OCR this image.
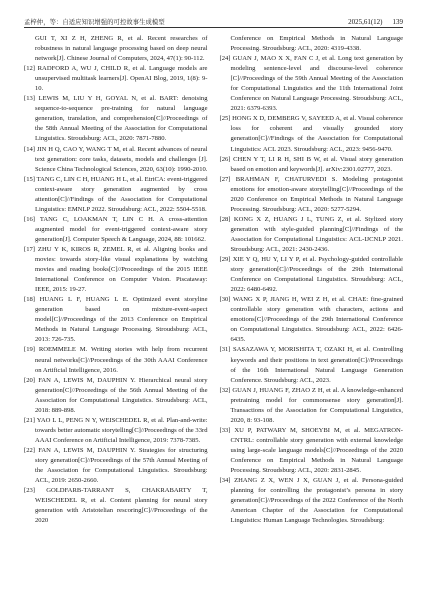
孟梓仲，等：自适应知识增强的可控故事生成模型	2025,61(12) 139

GUI T, XI Z H, ZHENG R, et al. Recent researches of robustness in natural language processing based on deep neural network[J]. Chinese Journal of Computers, 2024, 47(1): 90-112.

[12] RADFORD A, WU J, CHILD R, et al. Language models are unsupervised multitask learners[J]. OpenAI Blog, 2019, 1(8): 9-10.

[13] LEWIS M, LIU Y H, GOYAL N, et al. BART: denoising sequence-to-sequence pre-training for natural language generation, translation, and comprehension[C]//Proceedings of the 58th Annual Meeting of the Association for Computational Linguistics. Stroudsburg: ACL, 2020: 7871-7880.

[14] JIN H Q, CAO Y, WANG T M, et al. Recent advances of neural text generation: core tasks, datasets, models and challenges [J]. Science China Technological Sciences, 2020, 63(10): 1990-2010.

[15] TANG C, LIN C H, HUANG H L, et al. EtriCA: event-triggered context-aware story generation augmented by cross attention[C]//Findings of the Association for Computational Linguistics: EMNLP 2022. Stroudsburg: ACL, 2022: 5504-5518.

[16] TANG C, LOAKMAN T, LIN C H. A cross-attention augmented model for event-triggered context-aware story generation[J]. Computer Speech & Language, 2024, 88: 101662.

[17] ZHU Y K, KIROS R, ZEMEL R, et al. Aligning books and movies: towards story-like visual explanations by watching movies and reading books[C]//Proceedings of the 2015 IEEE International Conference on Computer Vision. Piscataway: IEEE, 2015: 19-27.

[18] HUANG L F, HUANG L E. Optimized event storyline generation based on mixture-event-aspect model[C]//Proceedings of the 2013 Conference on Empirical Methods in Natural Language Processing. Stroudsburg: ACL, 2013: 726-735.

[19] ROEMMELE M. Writing stories with help from recurrent neural networks[C]//Proceedings of the 30th AAAI Conference on Artificial Intelligence, 2016.

[20] FAN A, LEWIS M, DAUPHIN Y. Hierarchical neural story generation[C]//Proceedings of the 56th Annual Meeting of the Association for Computational Linguistics. Stroudsburg: ACL, 2018: 889-898.

[21] YAO L L, PENG N Y, WEISCHEDEL R, et al. Plan-and-write: towards better automatic storytelling[C]//Proceedings of the 33rd AAAI Conference on Artificial Intelligence, 2019: 7378-7385.

[22] FAN A, LEWIS M, DAUPHIN Y. Strategies for structuring story generation[C]//Proceedings of the 57th Annual Meeting of the Association for Computational Linguistics. Stroudsburg: ACL, 2019: 2650-2660.

[23] GOLDFARB-TARRANT S, CHAKRABARTY T, WEISCHEDEL R, et al. Content planning for neural story generation with Aristotelian rescoring[C]//Proceedings of the 2020

Conference on Empirical Methods in Natural Language Processing. Stroudsburg: ACL, 2020: 4319-4338.

[24] GUAN J, MAO X X, FAN C J, et al. Long text generation by modeling sentence-level and discourse-level coherence [C]//Proceedings of the 59th Annual Meeting of the Association for Computational Linguistics and the 11th International Joint Conference on Natural Language Processing. Stroudsburg: ACL, 2021: 6379-6393.

[25] HONG X D, DEMBERG V, SAYEED A, et al. Visual coherence loss for coherent and visually grounded story generation[C]//Findings of the Association for Computational Linguistics: ACL 2023. Stroudsburg: ACL, 2023: 9456-9470.

[26] CHEN Y T, LI R H, SHI B W, et al. Visual story generation based on emotion and keywords[J]. arXiv:2301.02777, 2023.

[27] BRAHMAN F, CHATURVEDI S. Modeling protagonist emotions for emotion-aware storytelling[C]//Proceedings of the 2020 Conference on Empirical Methods in Natural Language Processing. Stroudsburg: ACL, 2020: 5277-5294.

[28] KONG X Z, HUANG J L, TUNG Z, et al. Stylized story generation with style-guided planning[C]//Findings of the Association for Computational Linguistics: ACL-IJCNLP 2021. Stroudsburg: ACL, 2021: 2430-2436.

[29] XIE Y Q, HU Y, LI Y P, et al. Psychology-guided controllable story generation[C]//Proceedings of the 29th International Conference on Computational Linguistics. Stroudsburg: ACL, 2022: 6480-6492.

[30] WANG X P, JIANG H, WEI Z H, et al. CHAE: fine-grained controllable story generation with characters, actions and emotions[C]//Proceedings of the 29th International Conference on Computational Linguistics. Stroudsburg: ACL, 2022: 6426-6435.

[31] SASAZAWA Y, MORISHITA T, OZAKI H, et al. Controlling keywords and their positions in text generation[C]//Proceedings of the 16th International Natural Language Generation Conference. Stroudsburg: ACL, 2023.

[32] GUAN J, HUANG F, ZHAO Z H, et al. A knowledge-enhanced pretraining model for commonsense story generation[J]. Transactions of the Association for Computational Linguistics, 2020, 8: 93-108.

[33] XU P, PATWARY M, SHOEYBI M, et al. MEGATRON-CNTRL: controllable story generation with external knowledge using large-scale language models[C]//Proceedings of the 2020 Conference on Empirical Methods in Natural Language Processing. Stroudsburg: ACL, 2020: 2831-2845.

[34] ZHANG Z X, WEN J X, GUAN J, et al. Persona-guided planning for controlling the protagonist’s persona in story generation[C]//Proceedings of the 2022 Conference of the North American Chapter of the Association for Computational Linguistics: Human Language Technologies. Stroudsburg:
